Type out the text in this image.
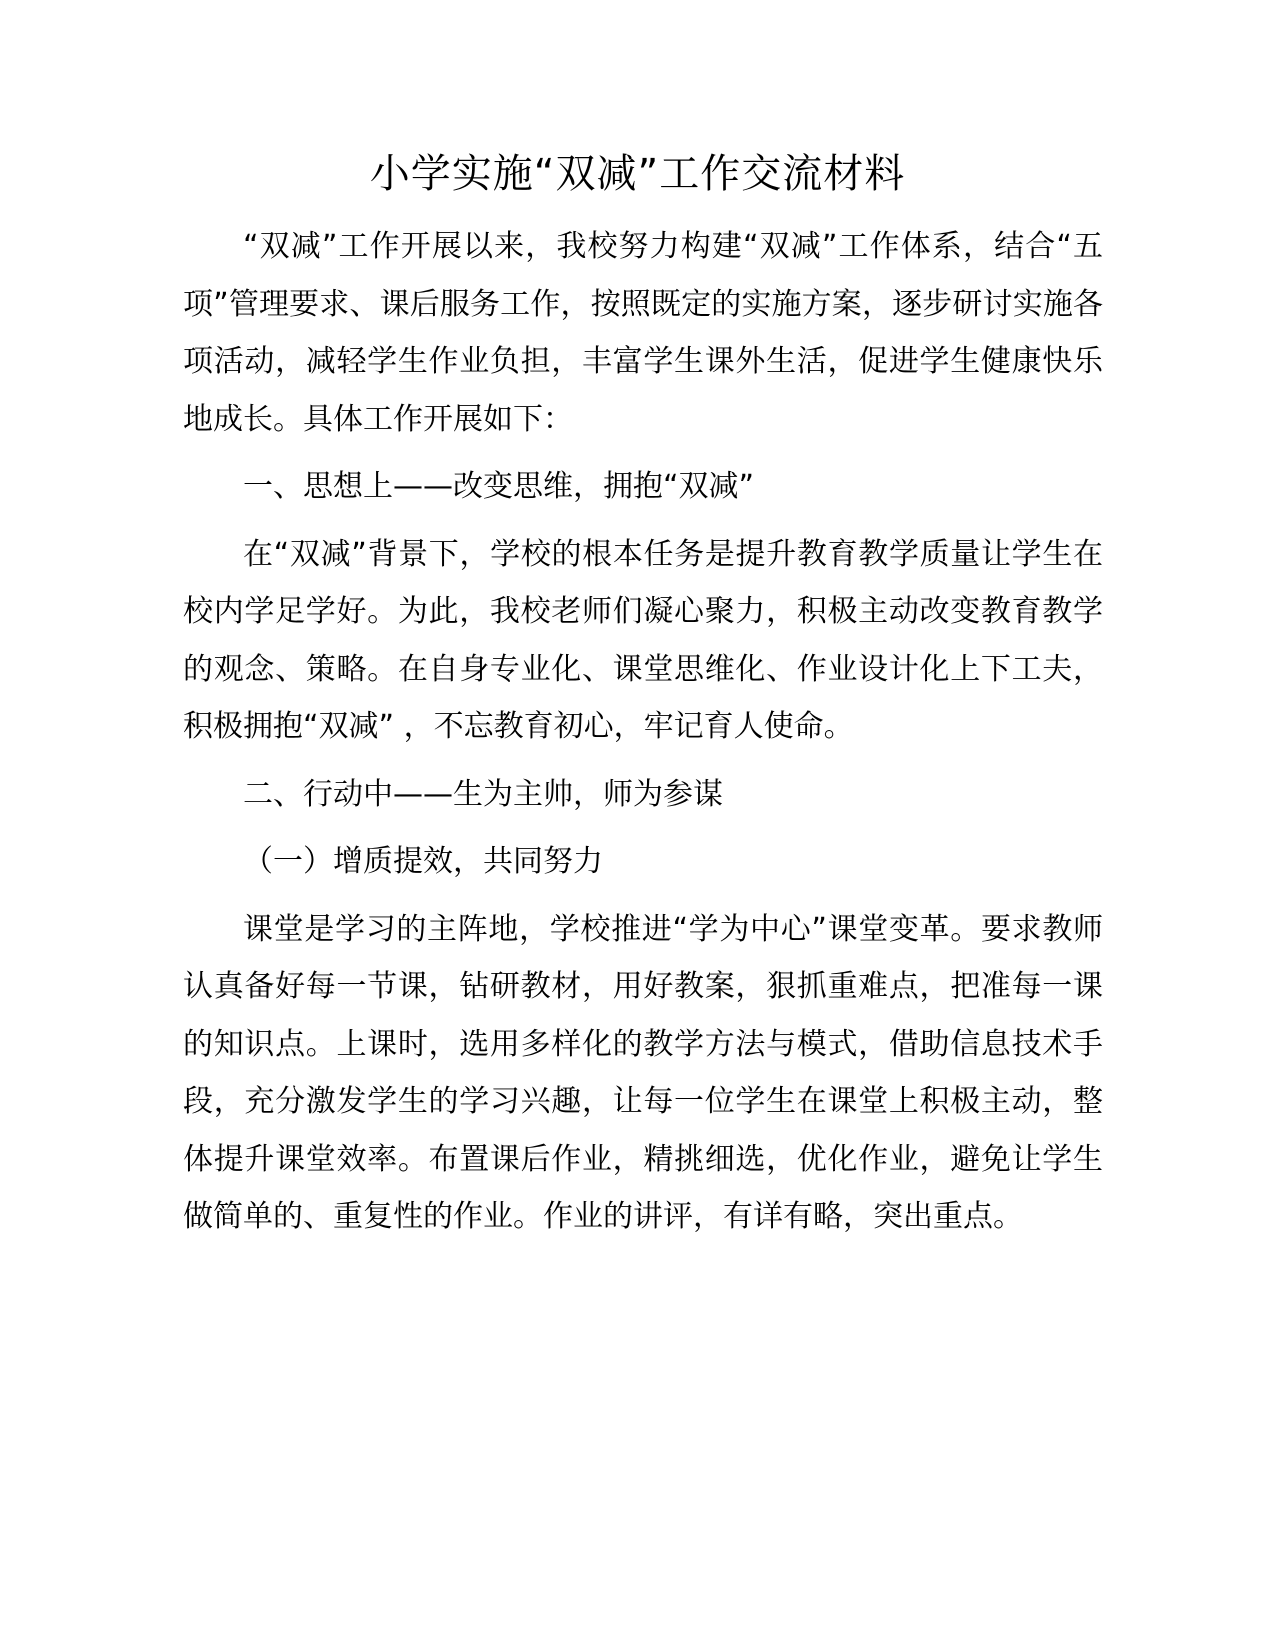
小学实施“双减”工作交流材料

“双减”工作开展以来，我校努力构建“双减”工作体系，结合“五项”管理要求、课后服务工作，按照既定的实施方案，逐步研讨实施各项活动，减轻学生作业负担，丰富学生课外生活，促进学生健康快乐地成长。具体工作开展如下：

一、思想上——改变思维，拥抱“双减”

在“双减”背景下，学校的根本任务是提升教育教学质量让学生在校内学足学好。为此，我校老师们凝心聚力，积极主动改变教育教学的观念、策略。在自身专业化、课堂思维化、作业设计化上下工夫，积极拥抱“双减” ，不忘教育初心，牢记育人使命。

二、行动中——生为主帅，师为参谋

（一）增质提效，共同努力

课堂是学习的主阵地，学校推进“学为中心”课堂变革。要求教师认真备好每一节课，钻研教材，用好教案，狠抓重难点，把准每一课的知识点。上课时，选用多样化的教学方法与模式，借助信息技术手段，充分激发学生的学习兴趣，让每一位学生在课堂上积极主动，整体提升课堂效率。布置课后作业，精挑细选，优化作业，避免让学生做简单的、重复性的作业。作业的讲评，有详有略，突出重点。
